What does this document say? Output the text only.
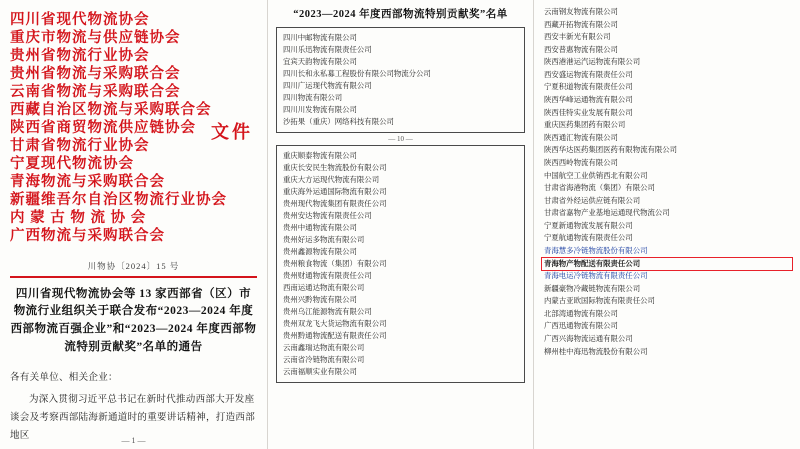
四川省现代物流协会
重庆市物流与供应链协会
贵州省物流行业协会
贵州省物流与采购联合会
云南省物流与采购联合会
西藏自治区物流与采购联合会
陕西省商贸物流供应链协会
甘肃省物流行业协会
宁夏现代物流协会
青海物流与采购联合会
新疆维吾尔自治区物流行业协会
内 蒙 古 物 流 协 会
广西物流与采购联合会
文件
川物协〔2024〕15 号
四川省现代物流协会等 13 家西部省（区）市物流行业组织关于联合发布“2023—2024 年度西部物流百强企业”和“2023—2024 年度西部物流特别贡献奖”名单的通告

各有关单位、相关企业：

为深入贯彻习近平总书记在新时代推动西部大开发座谈会及考察西部陆海新通道时的重要讲话精神，打造西部地区	— 1 —
“2023—2024 年度西部物流特别贡献奖”名单
四川中邮物流有限公司
四川乐迅物流有限责任公司
宜宾天韵物流有限公司
四川长和永私募工程股份有限公司物流分公司
四川广运现代物流有限公司
四川物流有限公司
四川川发物流有限公司
沙拓果（重庆）网络科技有限公司
— 10 —
重庆顺泰物流有限公司
重庆长安民生物流股份有限公司
重庆大方运现代物流有限公司
重庆海外运通国际物流有限公司
贵州现代物流集团有限责任公司
贵州安达物流有限责任公司
贵州中通物流有限公司
贵州好运多物流有限公司
贵州鑫源物流有限公司
贵州粮食物流（集团）有限公司
贵州财通物流有限责任公司
西南运通达物流有限公司
贵州兴黔物流有限公司
贵州乌江能源物流有限公司
贵州双龙飞大货运物流有限公司
贵州黔通物流配送有限责任公司
云南鑫瑞达物流有限公司
云南省冷链物流有限公司
云南福顺实业有限公司
云南钢友物流有限公司
西藏开拓物流有限公司
西安丰新光有限公司
西安普惠物流有限公司
陕西港港运汽运物流有限公司
西安盛运物流有限责任公司
宁夏积道物流有限责任公司
陕西华峰运通物流有限公司
陕西佳特实业发展有限公司
重庆医药集团药有限公司
陕西通汇物流有限公司
陕西华达医药集团医药有限物流有限公司
陕西西岭物流有限公司
中国航空工业供销西北有限公司
甘肃省海港物流（集团）有限公司
甘肃省外经运供应链有限公司
甘肃省嘉物产业基地运通现代物流公司
宁夏新通物流发展有限公司
宁夏航通物流有限责任公司
青海慧多冷链物流股份有限公司
青海物产物配送有限责任公司
青海电运冷链物流有限责任公司
新疆豪物冷藏链物流有限公司
内蒙古亚欧国际物流有限责任公司
北部湾通物流有限公司
广西迅通物流有限公司
广西兴海物流运通有限公司
柳州桂中海迅物流股份有限公司
